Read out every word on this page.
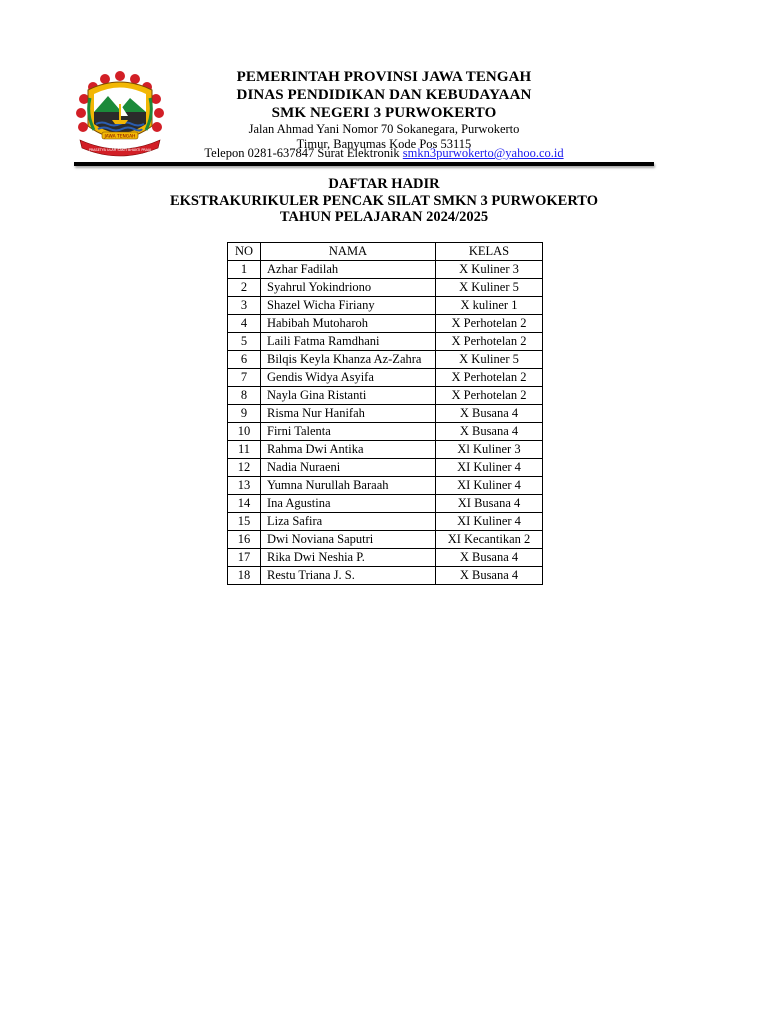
JAWA TENGAH
PRASETYA ULAH SAKTI BHAKTI PRAJA
PEMERINTAH PROVINSI JAWA TENGAH
DINAS PENDIDIKAN DAN KEBUDAYAAN
SMK NEGERI 3 PURWOKERTO
Jalan Ahmad Yani Nomor 70 Sokanegara, Purwokerto
Timur, Banyumas Kode Pos 53115
Telepon 0281-637847 Surat Elektronik smkn3purwokerto@yahoo.co.id
DAFTAR HADIR
EKSTRAKURIKULER PENCAK SILAT SMKN 3 PURWOKERTO
TAHUN PELAJARAN 2024/2025
NO	NAMA	KELAS
1	Azhar Fadilah	X Kuliner 3
2	Syahrul Yokindriono	X Kuliner 5
3	Shazel Wicha Firiany	X kuliner 1
4	Habibah Mutoharoh	X Perhotelan 2
5	Laili Fatma Ramdhani	X Perhotelan 2
6	Bilqis Keyla Khanza Az-Zahra	X Kuliner 5
7	Gendis Widya Asyifa	X Perhotelan 2
8	Nayla Gina Ristanti	X Perhotelan 2
9	Risma Nur Hanifah	X Busana 4
10	Firni Talenta	X Busana 4
11	Rahma Dwi Antika	Xl Kuliner 3
12	Nadia Nuraeni	XI Kuliner 4
13	Yumna Nurullah Baraah	XI Kuliner 4
14	Ina Agustina	XI Busana 4
15	Liza Safira	XI Kuliner 4
16	Dwi Noviana Saputri	XI Kecantikan 2
17	Rika Dwi Neshia P.	X Busana 4
18	Restu Triana J. S.	X Busana 4
